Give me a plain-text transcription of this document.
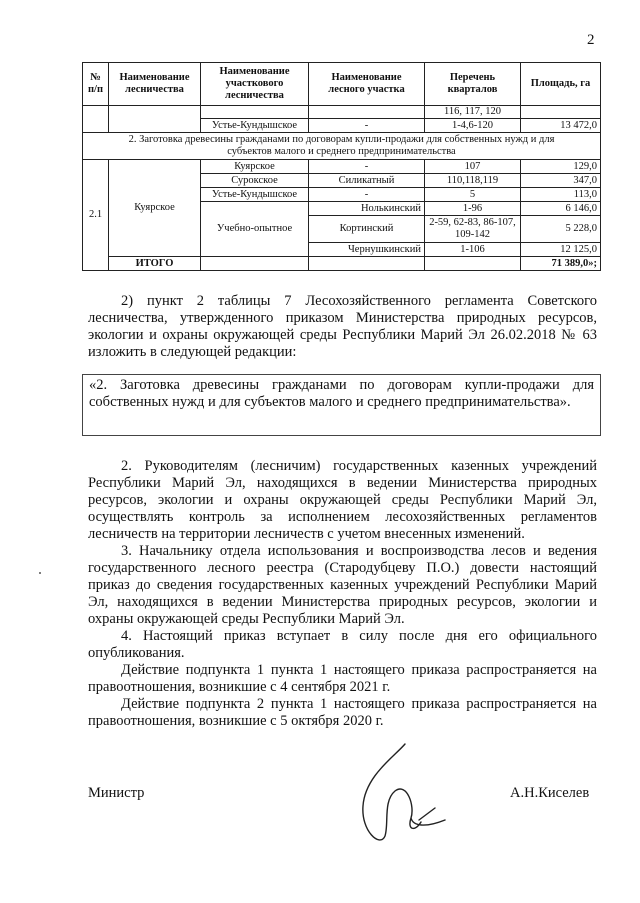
2
№ п/п	Наименование лесничества	Наименование участкового лесничества	Наименование лесного участка	Перечень кварталов	Площадь, га
				116, 117, 120	
		Устье-Кундышское	-	1-4,6-120	13 472,0
2. Заготовка древесины гражданами по договорам купли-продажи для собственных нужд и для субъектов малого и среднего предпринимательства					
2.1	Куярское	Куярское	-	107	129,0
		Сурокское	Силикатный	110,118,119	347,0
		Устье-Кундышское	-	5	113,0
		Учебно-опытное	Нолькинский	1-96	6 146,0
			Кортинский	2-59, 62-83, 86-107, 109-142	5 228,0
			Чернушкинский	1-106	12 125,0
	ИТОГО				71 389,0»;

2) пункт 2 таблицы 7 Лесохозяйственного регламента Советского лесничества, утвержденного приказом Министерства природных ресурсов, экологии и охраны окружающей среды Республики Марий Эл 26.02.2018 № 63 изложить в следующей редакции:

«2. Заготовка древесины гражданами по договорам купли-продажи для собственных нужд и для субъектов малого и среднего предпринимательства».

2. Руководителям (лесничим) государственных казенных учреждений Республики Марий Эл, находящихся в ведении Министерства природных ресурсов, экологии и охраны окружающей среды Республики Марий Эл, осуществлять контроль за исполнением лесохозяйственных регламентов лесничеств на территории лесничеств с учетом внесенных изменений.

3. Начальнику отдела использования и воспроизводства лесов и ведения государственного лесного реестра (Стародубцеву П.О.) довести настоящий приказ до сведения государственных казенных учреждений Республики Марий Эл, находящихся в ведении Министерства природных ресурсов, экологии и охраны окружающей среды Республики Марий Эл.

4. Настоящий приказ вступает в силу после дня его официального опубликования.

Действие подпункта 1 пункта 1 настоящего приказа распространяется на правоотношения, возникшие с 4 сентября 2021 г.

Действие подпункта 2 пункта 1 настоящего приказа распространяется на правоотношения, возникшие с 5 октября 2020 г.

Министр	А.Н.Киселев
